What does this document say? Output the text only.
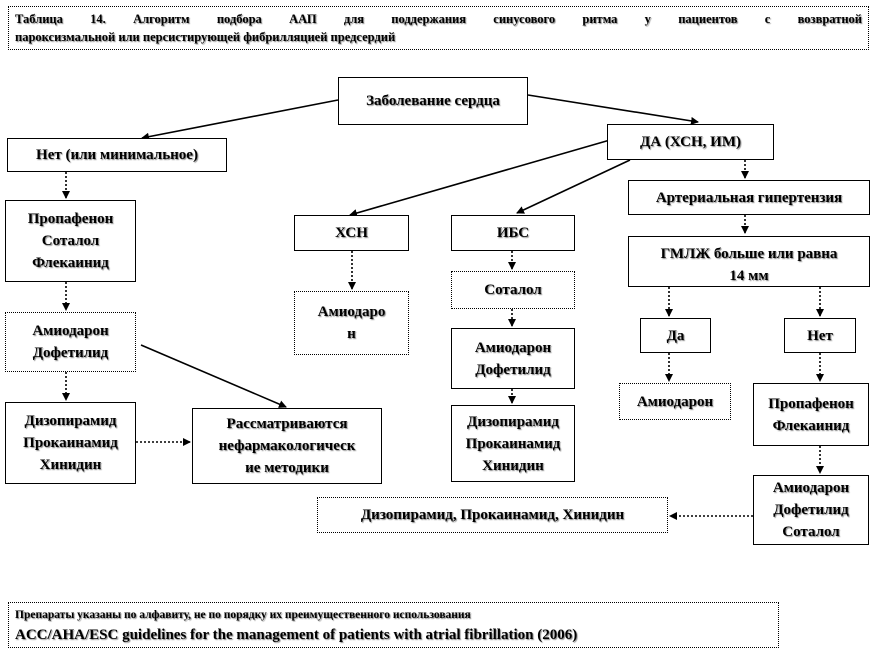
Таблица 14. Алгоритм подбора ААП для поддержания синусового ритма у пациентов с возвратной
пароксизмальной или персистирующей фибрилляцией предсердий
Заболевание сердца
Нет (или минимальное)
ДА (ХСН, ИМ)
Артериальная гипертензия
ГМЛЖ больше или равна
14 мм
ХСН	ИБС
Пропафенон
Соталол
Флекаинид
Амиодарон
Дофетилид
Дизопирамид
Прокаинамид
Хинидин
Рассматриваются
нефармакологическ
ие методики
Амиодаро
н
Соталол
Амиодарон
Дофетилид
Дизопирамид
Прокаинамид
Хинидин
Да	Нет
Амиодарон	Пропафенон
Флекаинид
Амиодарон
Дофетилид
Соталол
Дизопирамид, Прокаинамид, Хинидин
Препараты указаны по алфавиту, не по порядку их преимущественного использования
ACC/AHA/ESC guidelines for the management of patients with atrial fibrillation (2006)
